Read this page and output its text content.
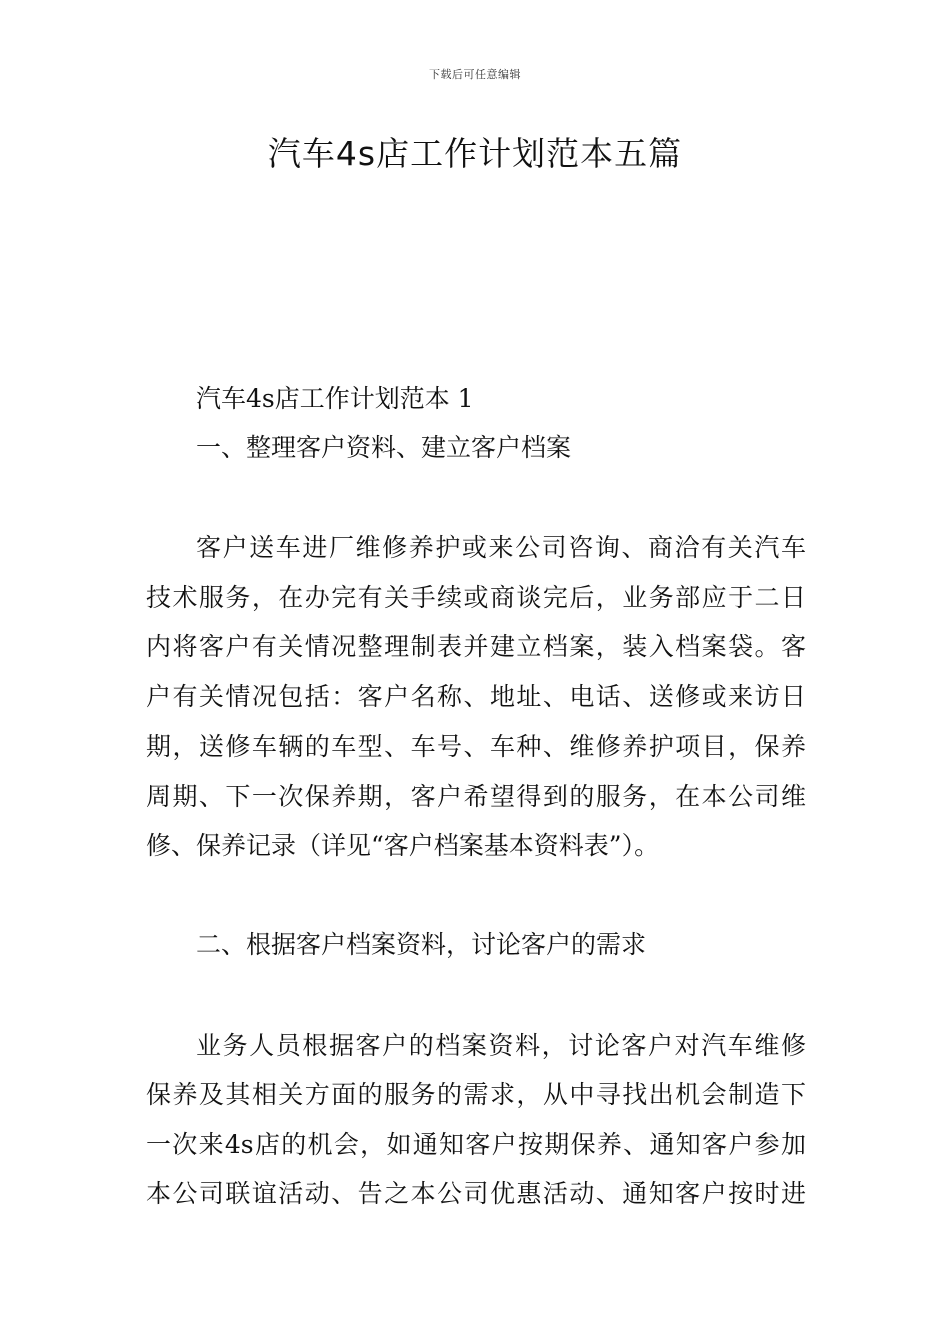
下载后可任意编辑
汽车4s店工作计划范本五篇
汽车4s店工作计划范本 1
一、整理客户资料、建立客户档案
客户送车进厂维修养护或来公司咨询、商洽有关汽车
技术服务，在办完有关手续或商谈完后，业务部应于二日
内将客户有关情况整理制表并建立档案，装入档案袋。客
户有关情况包括：客户名称、地址、电话、送修或来访日
期，送修车辆的车型、车号、车种、维修养护项目，保养
周期、下一次保养期，客户希望得到的服务，在本公司维
修、保养记录（详见“客户档案基本资料表”）。
二、根据客户档案资料，讨论客户的需求
业务人员根据客户的档案资料，讨论客户对汽车维修
保养及其相关方面的服务的需求，从中寻找出机会制造下
一次来4s店的机会，如通知客户按期保养、通知客户参加
本公司联谊活动、告之本公司优惠活动、通知客户按时进
